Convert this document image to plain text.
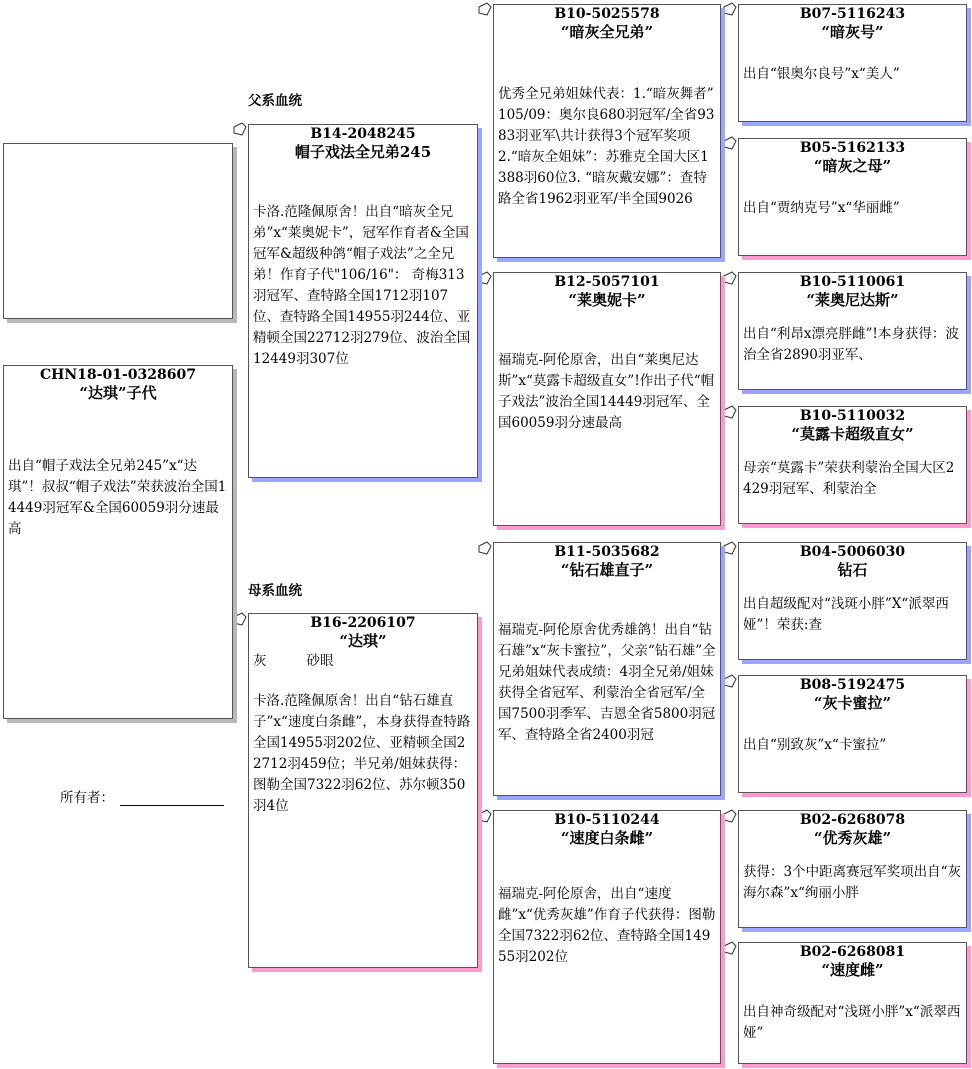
CHN18-01-0328607
“达琪”子代
出自“帽子戏法全兄弟245”x“达琪”！叔叔“帽子戏法”荣获波治全国14449羽冠军&全国60059羽分速最高
父系血统
母系血统
所有者：
B14-2048245
帽子戏法全兄弟245
卡洛.范隆佩原舍！出自“暗灰全兄弟”x“莱奥妮卡”，冠军作育者&全国冠军&超级种鸽“帽子戏法”之全兄弟！作育子代"106/16"： 奇梅313羽冠军、查特路全国1712羽107位、查特路全国14955羽244位、亚精顿全国22712羽279位、波治全国12449羽307位
B16-2206107
“达琪”
灰	砂眼
卡洛.范隆佩原舍！出自“钻石雄直子”x“速度白条雌”，本身获得查特路全国14955羽202位、亚精顿全国22712羽459位；半兄弟/姐妹获得：图勒全国7322羽62位、苏尔顿350羽4位
B10-5025578
“暗灰全兄弟”
优秀全兄弟姐妹代表：1.“暗灰舞者” 105/09：奥尔良680羽冠军/全省9383羽亚军\共计获得3个冠军奖项2.“暗灰全姐妹”：苏雅克全国大区1388羽60位3. “暗灰戴安娜”：查特路全省1962羽亚军/半全国9026
B12-5057101
“莱奥妮卡”
福瑞克-阿伦原舍，出自“莱奥尼达斯”x“莫露卡超级直女”!作出子代“帽子戏法”波治全国14449羽冠军、全国60059羽分速最高
B11-5035682
“钻石雄直子”
福瑞克-阿伦原舍优秀雄鸽！出自“钻石雄”x“灰卡蜜拉”，父亲“钻石雄”全兄弟姐妹代表成绩：4羽全兄弟/姐妹获得全省冠军、利蒙治全省冠军/全国7500羽季军、吉恩全省5800羽冠军、查特路全省2400羽冠
B10-5110244
“速度白条雌”
福瑞克-阿伦原舍，出自“速度雌”x“优秀灰雄”作育子代获得：图勒全国7322羽62位、查特路全国14955羽202位
B07-5116243
“暗灰号”
出自“银奥尔良号”x“美人”
B05-5162133
“暗灰之母”
出自“贾纳克号”x“华丽雌”
B10-5110061
“莱奥尼达斯”
出自“利昂x漂亮胖雌”!本身获得：波治全省2890羽亚军、
B10-5110032
“莫露卡超级直女”
母亲“莫露卡”荣获利蒙治全国大区2429羽冠军、利蒙治全
B04-5006030
钻石
出自超级配对“浅斑小胖”X“派翠西娅”！荣获:查
B08-5192475
“灰卡蜜拉”
出自“别致灰”x“卡蜜拉”
B02-6268078
“优秀灰雄”
获得：3个中距离赛冠军奖项出自“灰海尔森”x“绚丽小胖
B02-6268081
“速度雌”
出自神奇级配对“浅斑小胖”x“派翠西娅”
